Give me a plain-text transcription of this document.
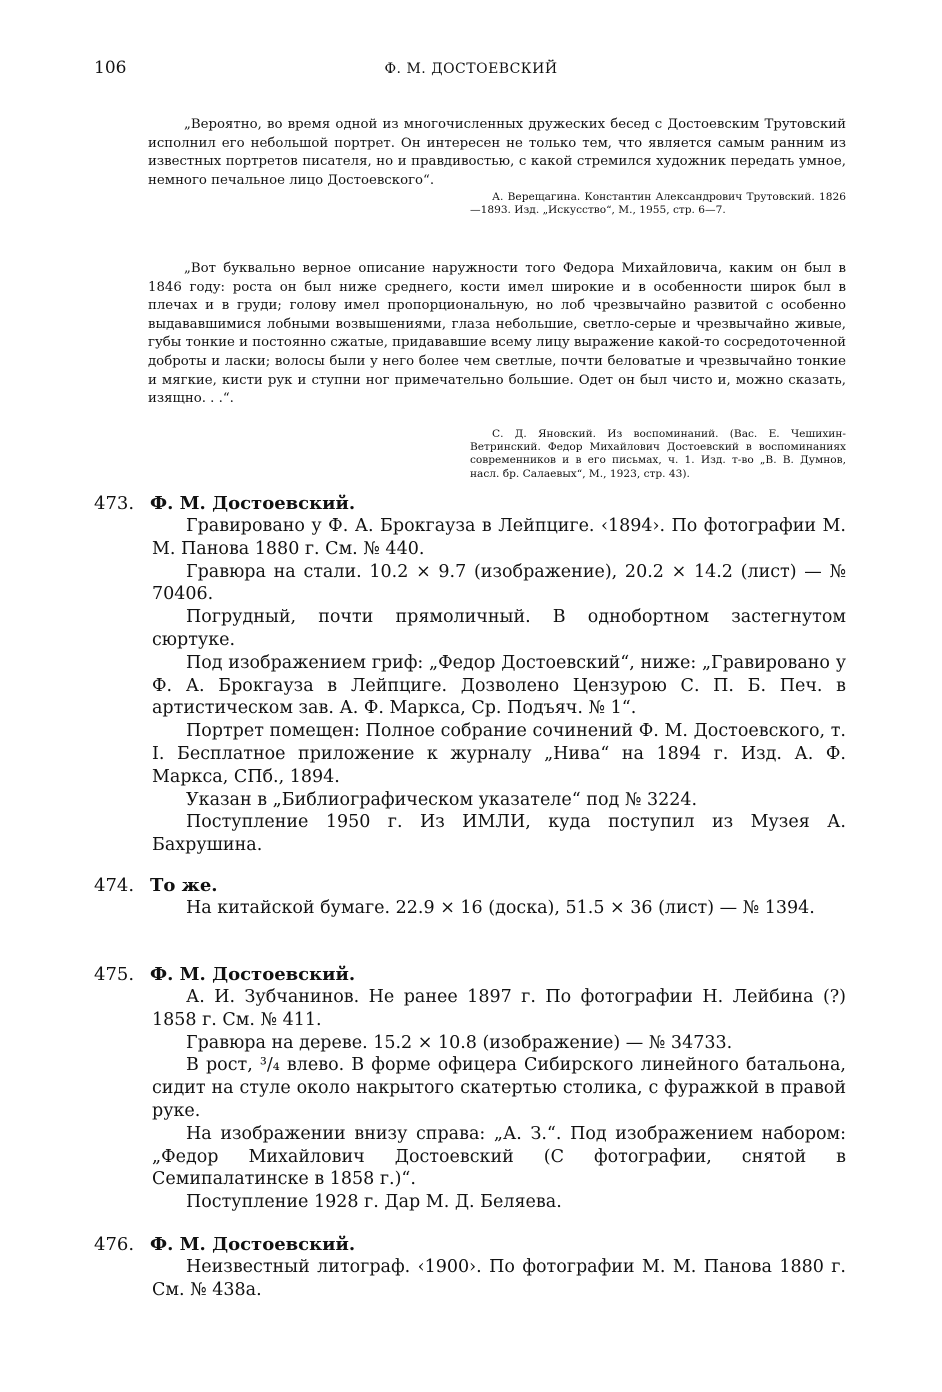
106	Ф. М. ДОСТОЕВСКИЙ

„Вероятно, во время одной из многочисленных дружеских бесед с Достоевским Трутовский исполнил его небольшой портрет. Он интересен не только тем, что является самым ранним из известных портретов писателя, но и правдивостью, с какой стремился художник передать умное, немного печальное лицо Достоевского“.

А. Верещагина. Константин Александрович Трутовский. 1826—1893. Изд. „Искусство“, М., 1955, стр. 6—7.

„Вот буквально верное описание наружности того Федора Михайловича, каким он был в 1846 году: роста он был ниже среднего, кости имел широкие и в особенности широк был в плечах и в груди; голову имел пропорциональную, но лоб чрезвычайно развитой с особенно выдававшимися лобными возвышениями, глаза небольшие, светло-серые и чрезвычайно живые, губы тонкие и постоянно сжатые, придававшие всему лицу выражение какой-то сосредоточенной доброты и ласки; волосы были у него более чем светлые, почти беловатые и чрезвычайно тонкие и мягкие, кисти рук и ступни ног примечательно большие. Одет он был чисто и, можно сказать, изящно. . .“.

С. Д. Яновский. Из воспоминаний. (Вас. Е. Чешихин-Ветринский. Федор Михайлович Достоевский в воспоминаниях современников и в его письмах, ч. 1. Изд. т-во „В. В. Думнов, насл. бр. Салаевых“, М., 1923, стр. 43).

473. Ф. М. Достоевский.

Гравировано у Ф. А. Брокгауза в Лейпциге. ‹1894›. По фотографии М. М. Панова 1880 г. См. № 440.

Гравюра на стали. 10.2 × 9.7 (изображение), 20.2 × 14.2 (лист) — № 70406.

Погрудный, почти прямоличный. В однобортном застегнутом сюртуке.

Под изображением гриф: „Федор Достоевский“, ниже: „Гравировано у Ф. А. Брокгауза в Лейпциге. Дозволено Цензурою С. П. Б. Печ. в артистическом зав. А. Ф. Маркса, Ср. Подъяч. № 1“.

Портрет помещен: Полное собрание сочинений Ф. М. Достоевского, т. I. Бесплатное приложение к журналу „Нива“ на 1894 г. Изд. А. Ф. Маркса, СПб., 1894.

Указан в „Библиографическом указателе“ под № 3224.

Поступление 1950 г. Из ИМЛИ, куда поступил из Музея А. Бахрушина.

474. То же.

На китайской бумаге. 22.9 × 16 (доска), 51.5 × 36 (лист) — № 1394.

475. Ф. М. Достоевский.

А. И. Зубчанинов. Не ранее 1897 г. По фотографии Н. Лейбина (?) 1858 г. См. № 411.

Гравюра на дереве. 15.2 × 10.8 (изображение) — № 34733.

В рост, ³/₄ влево. В форме офицера Сибирского линейного батальона, сидит на стуле около накрытого скатертью столика, с фуражкой в правой руке.

На изображении внизу справа: „А. З.“. Под изображением набором: „Федор Михайлович Достоевский (С фотографии, снятой в Семипалатинске в 1858 г.)“.

Поступление 1928 г. Дар М. Д. Беляева.

476. Ф. М. Достоевский.

Неизвестный литограф. ‹1900›. По фотографии М. М. Панова 1880 г. См. № 438а.
